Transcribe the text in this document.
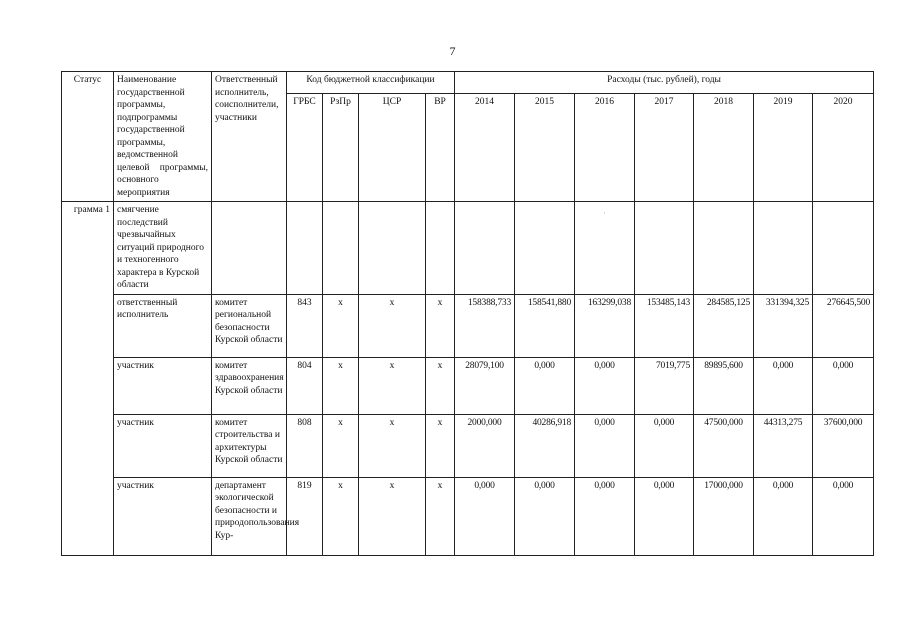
7
Статус	Наименование государственной программы, подпрограммы государственной программы, ведомственной целевой программы, основного мероприятия	Ответственный исполнитель, соисполнители, участники	Код бюджетной классификации				Расходы (тыс. рублей), годы						
			ГРБС	РзПр	ЦСР	ВР	2014	2015	2016	2017	2018	2019	2020
грамма 1	смягчение последствий чрезвычайных ситуаций природного и техногенного характера в Курской области								·				

	ответственный исполнитель	комитет региональной безопасности Курской области	843	х	х	х	158388,733	158541,880	163299,038	153485,143	284585,125	331394,325	276645,500
	участник	комитет здравоохранения Курской области	804	х	х	х	28079,100	0,000	0,000	7019,775	89895,600	0,000	0,000
	участник	комитет строительства и архитектуры Курской области	808	х	х	х	2000,000	40286,918	0,000	0,000	47500,000	44313,275	37600,000
	участник	департамент экологической безопасности и природопользования Кур-	819	х	х	х	0,000	0,000	0,000	0,000	17000,000	0,000	0,000
